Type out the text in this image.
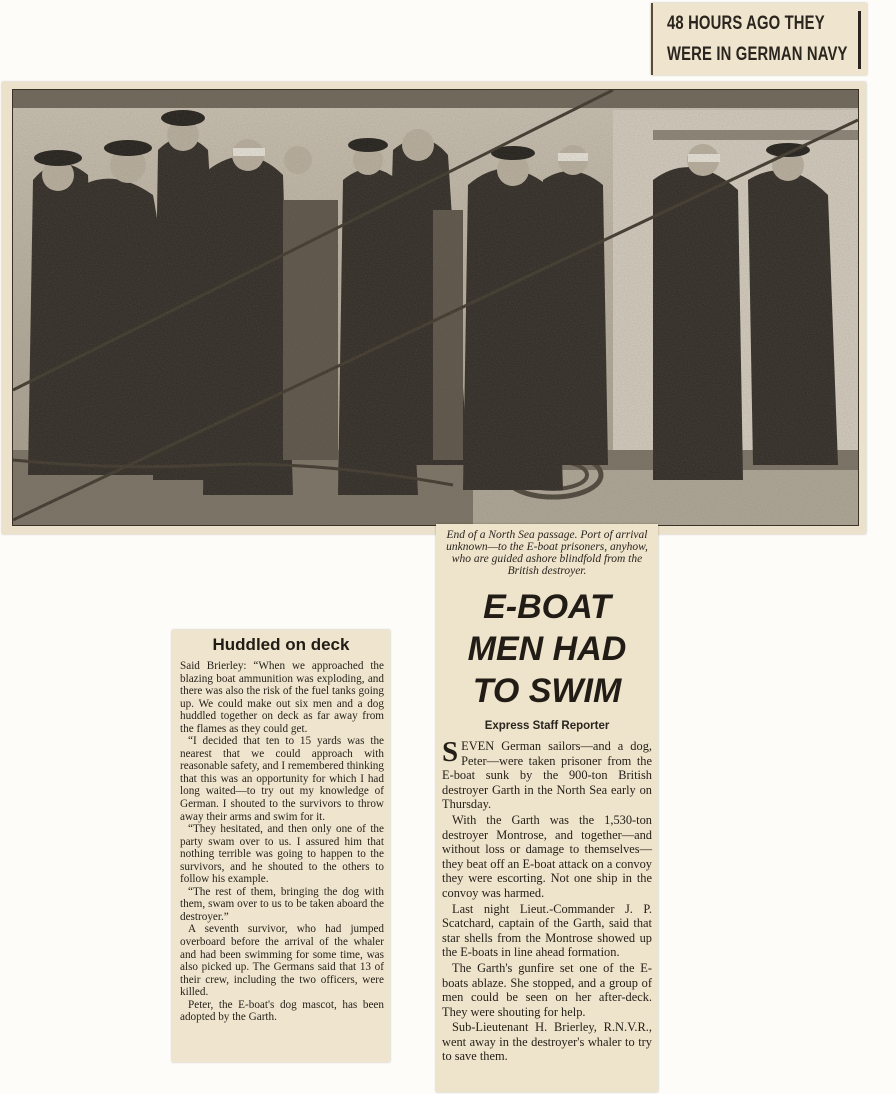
48 HOURS AGO THEY
WERE IN GERMAN NAVY
End of a North Sea passage. Port of arrival unknown—to the E-boat prisoners, anyhow, who are guided ashore blindfold from the British destroyer.
E-BOAT
MEN HAD
TO SWIM
Express Staff Reporter

SEVEN German sailors—and a dog, Peter—were taken prisoner from the E-boat sunk by the 900-ton British destroyer Garth in the North Sea early on Thursday.

With the Garth was the 1,530-ton destroyer Montrose, and together—and without loss or damage to themselves—they beat off an E-boat attack on a convoy they were escorting. Not one ship in the convoy was harmed.

Last night Lieut.-Commander J. P. Scatchard, captain of the Garth, said that star shells from the Montrose showed up the E-boats in line ahead formation.

The Garth's gunfire set one of the E-boats ablaze. She stopped, and a group of men could be seen on her after-deck. They were shouting for help.

Sub-Lieutenant H. Brierley, R.N.V.R., went away in the destroyer's whaler to try to save them.

Huddled on deck

Said Brierley: “When we approached the blazing boat ammunition was exploding, and there was also the risk of the fuel tanks going up. We could make out six men and a dog huddled together on deck as far away from the flames as they could get.

“I decided that ten to 15 yards was the nearest that we could approach with reasonable safety, and I remembered thinking that this was an opportunity for which I had long waited—to try out my knowledge of German. I shouted to the survivors to throw away their arms and swim for it.

“They hesitated, and then only one of the party swam over to us. I assured him that nothing terrible was going to happen to the survivors, and he shouted to the others to follow his example.

“The rest of them, bringing the dog with them, swam over to us to be taken aboard the destroyer.”

A seventh survivor, who had jumped overboard before the arrival of the whaler and had been swimming for some time, was also picked up. The Germans said that 13 of their crew, including the two officers, were killed.

Peter, the E-boat's dog mascot, has been adopted by the Garth.
